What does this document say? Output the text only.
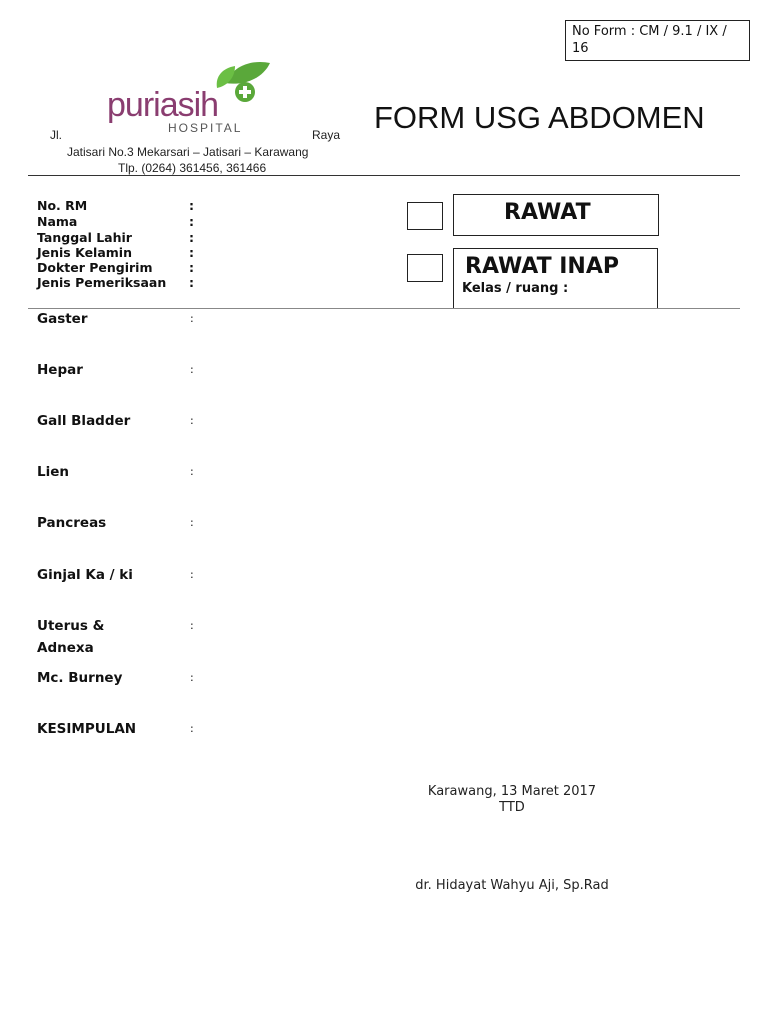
No Form : CM / 9.1 / IX / 16
puriasih
HOSPITAL
Jl.	Raya
Jatisari No.3 Mekarsari – Jatisari – Karawang
Tlp. (0264) 361456, 361466
FORM USG ABDOMEN
No. RM	:
Nama	:
Tanggal Lahir	:
Jenis Kelamin	:
Dokter Pengirim	:
Jenis Pemeriksaan :
RAWAT
RAWAT INAP
Kelas / ruang :
Gaster	:
Hepar	:
Gall Bladder	:
Lien	:
Pancreas	:
Ginjal Ka / ki	:
Uterus &	:
Adnexa
Mc. Burney	:
KESIMPULAN	:
Karawang, 13 Maret 2017
TTD
dr. Hidayat Wahyu Aji, Sp.Rad
